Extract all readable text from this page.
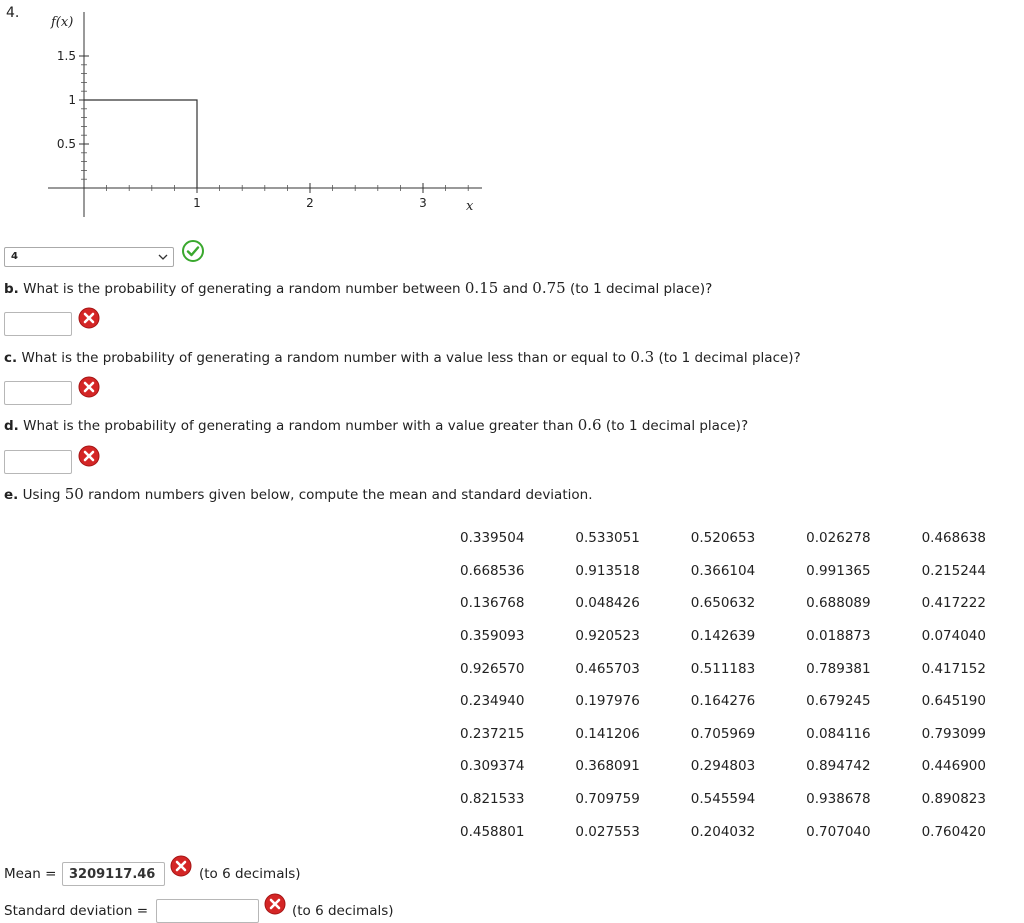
4.
1.5
1
0.5
1	2	3
f(x)
x
4
b. What is the probability of generating a random number between 0.15 and 0.75 (to 1 decimal place)?
c. What is the probability of generating a random number with a value less than or equal to 0.3 (to 1 decimal place)?
d. What is the probability of generating a random number with a value greater than 0.6 (to 1 decimal place)?
e. Using 50 random numbers given below, compute the mean and standard deviation.
0.339504	0.533051	0.520653	0.026278	0.468638
0.668536	0.913518	0.366104	0.991365	0.215244
0.136768	0.048426	0.650632	0.688089	0.417222
0.359093	0.920523	0.142639	0.018873	0.074040
0.926570	0.465703	0.511183	0.789381	0.417152
0.234940	0.197976	0.164276	0.679245	0.645190
0.237215	0.141206	0.705969	0.084116	0.793099
0.309374	0.368091	0.294803	0.894742	0.446900
0.821533	0.709759	0.545594	0.938678	0.890823
0.458801	0.027553	0.204032	0.707040	0.760420
Mean =
3209117.46	(to 6 decimals)
Standard deviation =	(to 6 decimals)
